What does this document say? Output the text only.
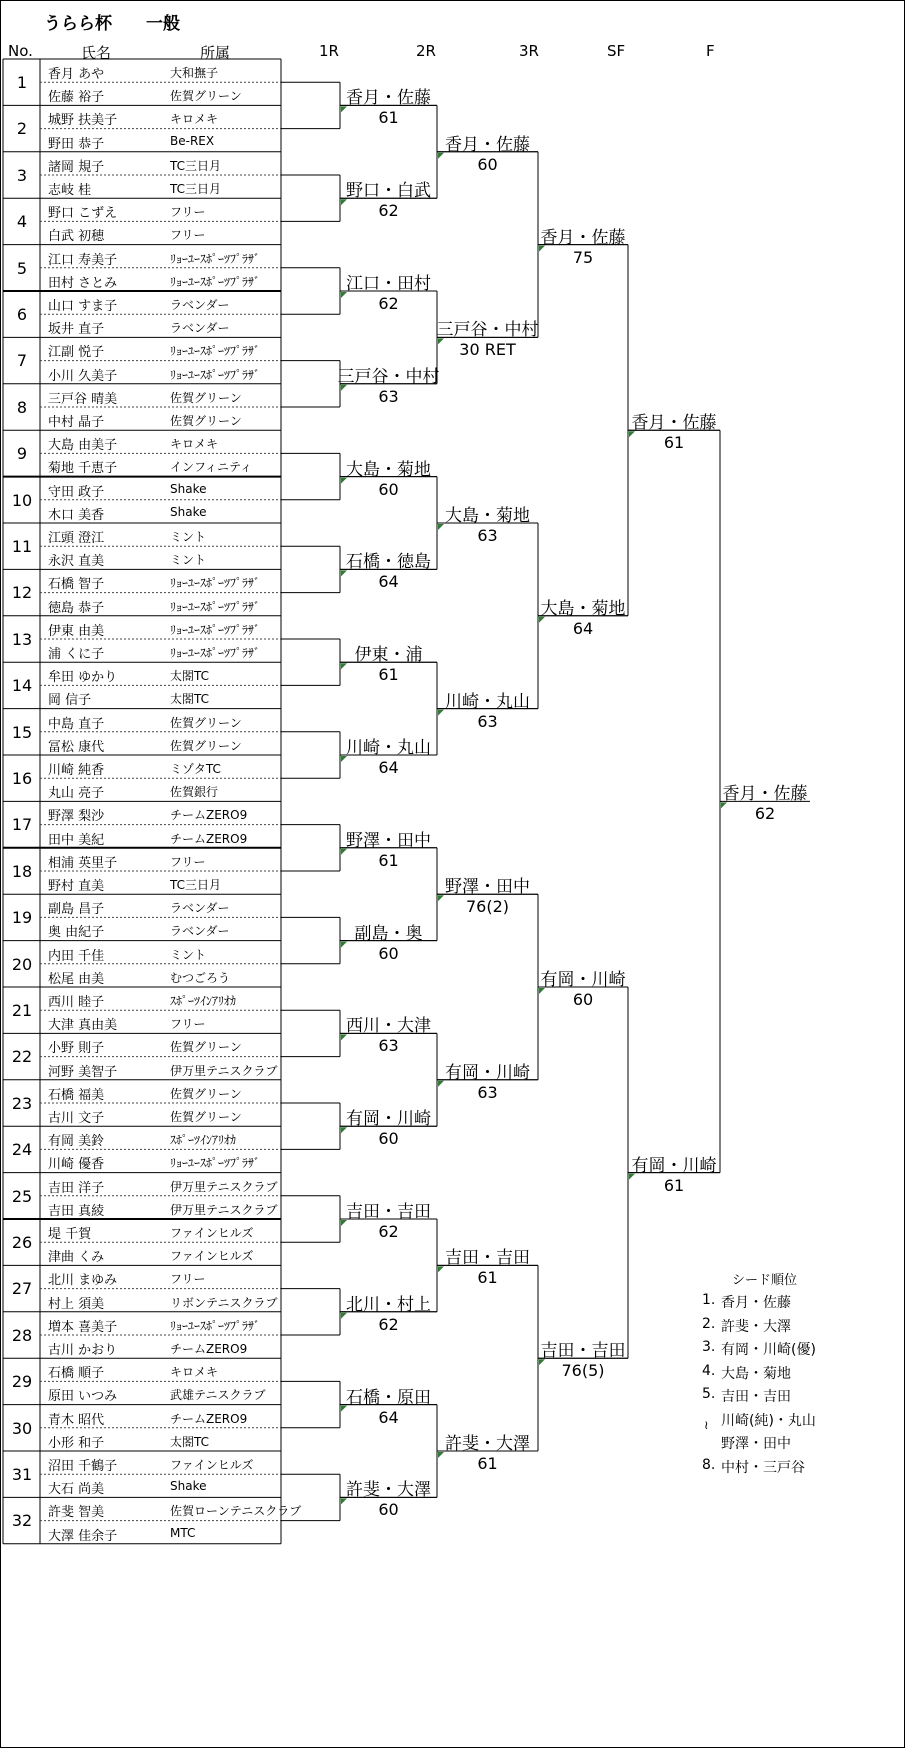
うらら杯 一般
No.	氏名	所属	1R	2R	3R	SF	F
1	香月 あや	大和撫子
佐藤 裕子	佐賀グリーン
2	城野 扶美子	キロメキ
野田 恭子	Be-REX
3	諸岡 規子	TC三日月
志岐 桂	TC三日月
4	野口 こずえ	フリー
白武 初穂	フリー
5	江口 寿美子	ﾘｮｰﾕｰｽﾎﾟｰﾂﾌﾟﾗｻﾞ
田村 さとみ	ﾘｮｰﾕｰｽﾎﾟｰﾂﾌﾟﾗｻﾞ
6	山口 すま子	ラベンダー
坂井 直子	ラベンダー
7	江副 悦子	ﾘｮｰﾕｰｽﾎﾟｰﾂﾌﾟﾗｻﾞ
小川 久美子	ﾘｮｰﾕｰｽﾎﾟｰﾂﾌﾟﾗｻﾞ
8	三戸谷 晴美	佐賀グリーン
中村 晶子	佐賀グリーン
9	大島 由美子	キロメキ
菊地 千恵子	インフィニティ
10	守田 政子	Shake
木口 美香	Shake
11	江頭 澄江	ミント
永沢 直美	ミント
12	石橋 智子	ﾘｮｰﾕｰｽﾎﾟｰﾂﾌﾟﾗｻﾞ
徳島 恭子	ﾘｮｰﾕｰｽﾎﾟｰﾂﾌﾟﾗｻﾞ
13	伊東 由美	ﾘｮｰﾕｰｽﾎﾟｰﾂﾌﾟﾗｻﾞ
浦 くに子	ﾘｮｰﾕｰｽﾎﾟｰﾂﾌﾟﾗｻﾞ
14	牟田 ゆかり	太閤TC
岡 信子	太閤TC
15	中島 直子	佐賀グリーン
冨松 康代	佐賀グリーン
16	川崎 純香	ミゾタTC
丸山 亮子	佐賀銀行
17	野澤 梨沙	チームZERO9
田中 美紀	チームZERO9
18	相浦 英里子	フリー
野村 直美	TC三日月
19	副島 昌子	ラベンダー
奥 由紀子	ラベンダー
20	内田 千佳	ミント
松尾 由美	むつごろう
21	西川 睦子	ｽﾎﾟｰﾂｲﾝｱﾘｵｶ
大津 真由美	フリー
22	小野 則子	佐賀グリーン
河野 美智子	伊万里テニスクラブ
23	石橋 福美	佐賀グリーン
古川 文子	佐賀グリーン
24	有岡 美鈴	ｽﾎﾟｰﾂｲﾝｱﾘｵｶ
川崎 優香	ﾘｮｰﾕｰｽﾎﾟｰﾂﾌﾟﾗｻﾞ
25	吉田 洋子	伊万里テニスクラブ
吉田 真綾	伊万里テニスクラブ
26	堤 千賀	ファインヒルズ
津曲 くみ	ファインヒルズ
27	北川 まゆみ	フリー
村上 須美	リボンテニスクラブ
28	増本 喜美子	ﾘｮｰﾕｰｽﾎﾟｰﾂﾌﾟﾗｻﾞ
古川 かおり	チームZERO9
29	石橋 順子	キロメキ
原田 いつみ	武雄テニスクラブ
30	青木 昭代	チームZERO9
小形 和子	太閤TC
31	沼田 千鶴子	ファインヒルズ
大石 尚美	Shake
32	許斐 智美	佐賀ローンテニスクラブ
大澤 佳余子	MTC
香月・佐藤
61
野口・白武
62
江口・田村
62
三戸谷・中村
63
大島・菊地
60
石橋・徳島
64
伊東・浦
61
川崎・丸山
64
野澤・田中
61
副島・奥
60
西川・大津
63
有岡・川崎
60
吉田・吉田
62
北川・村上
62
石橋・原田
64
許斐・大澤
60
香月・佐藤
60
三戸谷・中村
30 RET
大島・菊地
63
川崎・丸山
63
野澤・田中
76(2)
有岡・川崎
63
吉田・吉田
61
許斐・大澤
61
香月・佐藤
75
大島・菊地
64
有岡・川崎
60
吉田・吉田
76(5)
香月・佐藤
61
有岡・川崎
61
香月・佐藤
62
シード順位
1. 香月・佐藤
2. 許斐・大澤
3. 有岡・川崎(優)
4. 大島・菊地
5. 吉田・吉田
川崎(純)・丸山
野澤・田中
8. 中村・三戸谷
≀
